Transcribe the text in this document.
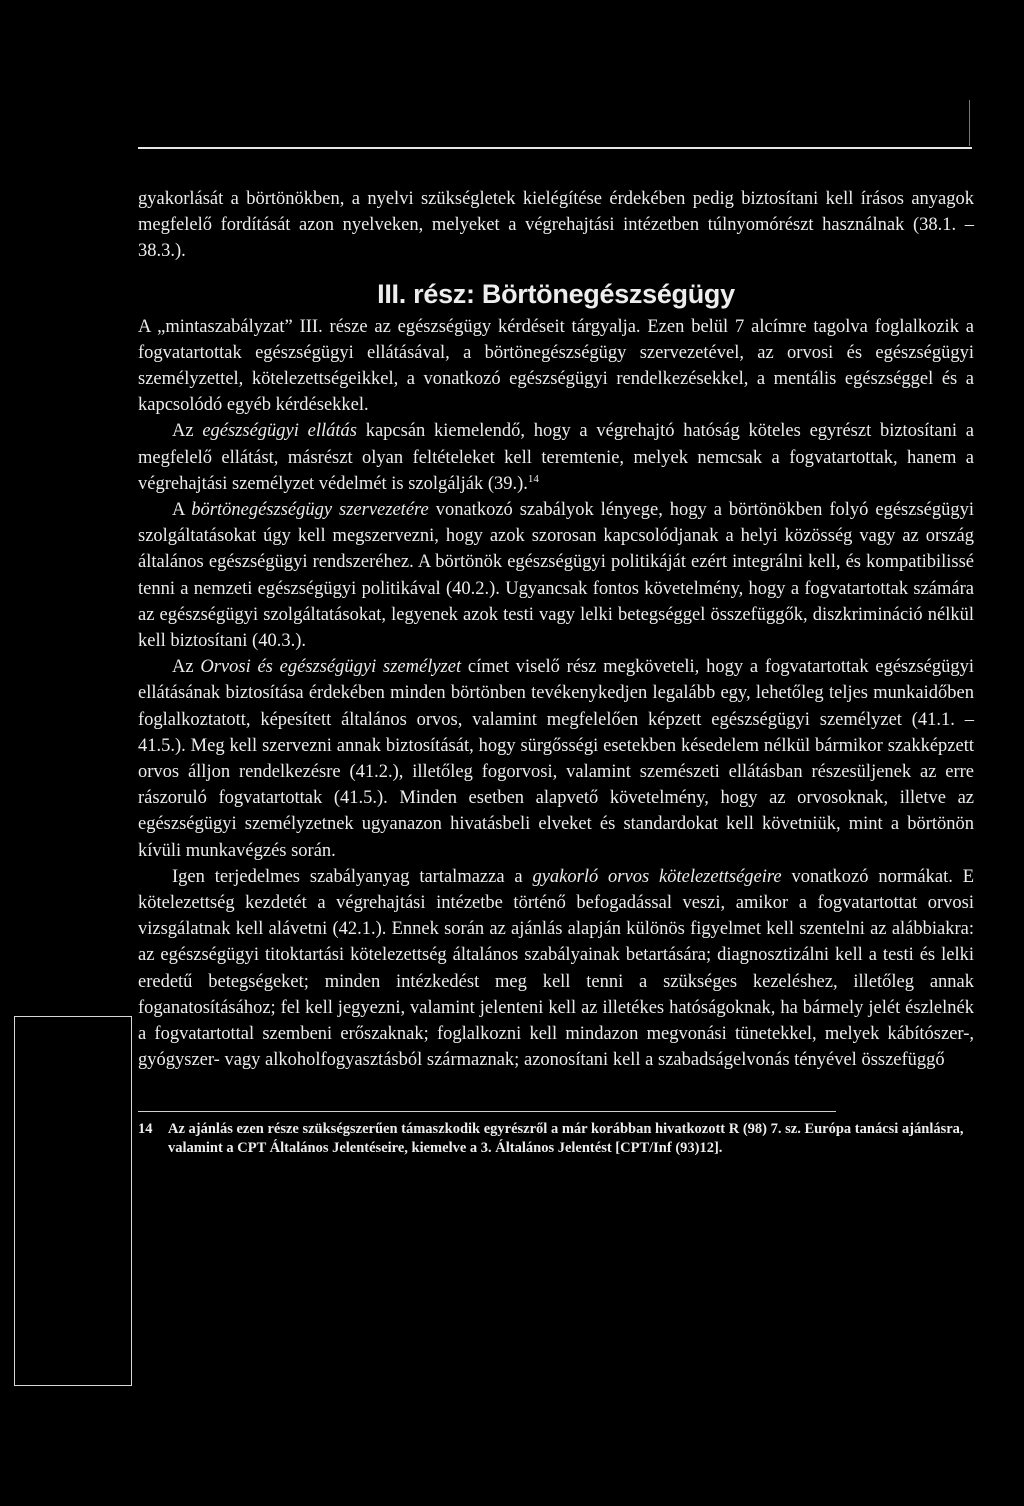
gyakorlását a börtönökben, a nyelvi szükségletek kielégítése érdekében pedig biztosítani kell írásos anyagok megfelelő fordítását azon nyelveken, melyeket a végrehajtási intézetben túlnyomórészt használnak (38.1. – 38.3.).

III. rész: Börtönegészségügy

A „mintaszabályzat” III. része az egészségügy kérdéseit tárgyalja. Ezen belül 7 alcímre tagolva foglalkozik a fogvatartottak egészségügyi ellátásával, a börtönegészségügy szervezetével, az orvosi és egészségügyi személyzettel, kötelezettségeikkel, a vonatkozó egészségügyi rendelkezésekkel, a mentális egészséggel és a kapcsolódó egyéb kérdésekkel.

Az egészségügyi ellátás kapcsán kiemelendő, hogy a végrehajtó hatóság köteles egyrészt biztosítani a megfelelő ellátást, másrészt olyan feltételeket kell teremtenie, melyek nemcsak a fogvatartottak, hanem a végrehajtási személyzet védelmét is szolgálják (39.).$^{14}$

A börtönegészségügy szervezetére vonatkozó szabályok lényege, hogy a börtönökben folyó egészségügyi szolgáltatásokat úgy kell megszervezni, hogy azok szorosan kapcsolódjanak a helyi közösség vagy az ország általános egészségügyi rendszeréhez. A börtönök egészségügyi politikáját ezért integrálni kell, és kompatibilissé tenni a nemzeti egészségügyi politikával (40.2.). Ugyancsak fontos követelmény, hogy a fogvatartottak számára az egészségügyi szolgáltatásokat, legyenek azok testi vagy lelki betegséggel összefüggők, diszkrimináció nélkül kell biztosítani (40.3.).

Az Orvosi és egészségügyi személyzet címet viselő rész megköveteli, hogy a fogvatartottak egészségügyi ellátásának biztosítása érdekében minden börtönben tevékenykedjen legalább egy, lehetőleg teljes munkaidőben foglalkoztatott, képesített általános orvos, valamint megfelelően képzett egészségügyi személyzet (41.1. – 41.5.). Meg kell szervezni annak biztosítását, hogy sürgősségi esetekben késedelem nélkül bármikor szakképzett orvos álljon rendelkezésre (41.2.), illetőleg fogorvosi, valamint szemészeti ellátásban részesüljenek az erre rászoruló fogvatartottak (41.5.). Minden esetben alapvető követelmény, hogy az orvosoknak, illetve az egészségügyi személyzetnek ugyanazon hivatásbeli elveket és standardokat kell követniük, mint a börtönön kívüli munkavégzés során.

Igen terjedelmes szabályanyag tartalmazza a gyakorló orvos kötelezettségeire vonatkozó normákat. E kötelezettség kezdetét a végrehajtási intézetbe történő befogadással veszi, amikor a fogvatartottat orvosi vizsgálatnak kell alávetni (42.1.). Ennek során az ajánlás alapján különös figyelmet kell szentelni az alábbiakra: az egészségügyi titoktartási kötelezettség általános szabályainak betartására; diagnosztizálni kell a testi és lelki eredetű betegségeket; minden intézkedést meg kell tenni a szükséges kezeléshez, illetőleg annak foganatosításához; fel kell jegyezni, valamint jelenteni kell az illetékes hatóságoknak, ha bármely jelét észlelnék a fogvatartottal szembeni erőszaknak; foglalkozni kell mindazon megvonási tünetekkel, melyek kábítószer-, gyógyszer- vagy alkoholfogyasztásból származnak; azonosítani kell a szabadságelvonás tényével összefüggő

14 Az ajánlás ezen része szükségszerűen támaszkodik egyrészről a már korábban hivatkozott R (98) 7. sz. Európa tanácsi ajánlásra, valamint a CPT Általános Jelentéseire, kiemelve a 3. Általános Jelentést [CPT/Inf (93)12].
